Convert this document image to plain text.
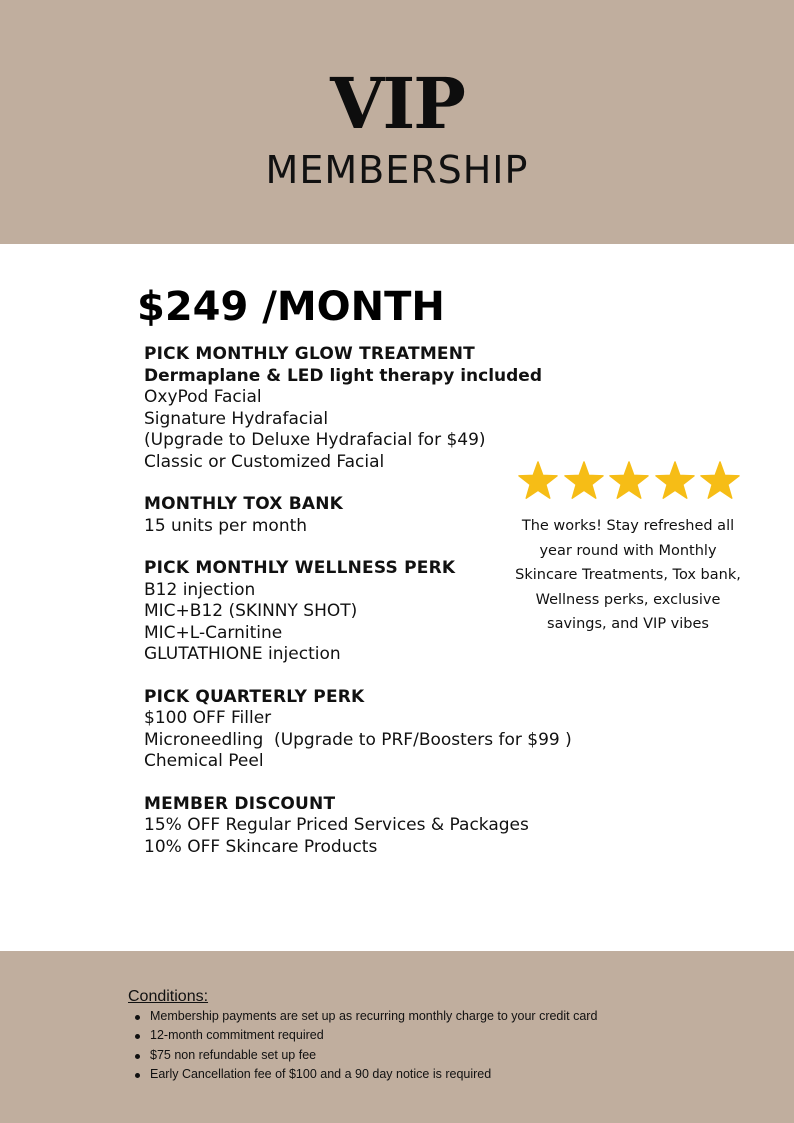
VIP
MEMBERSHIP
$249 /MONTH
PICK MONTHLY GLOW TREATMENT
Dermaplane & LED light therapy included
OxyPod Facial
Signature Hydrafacial
(Upgrade to Deluxe Hydrafacial for $49)
Classic or Customized Facial
MONTHLY TOX BANK
15 units per month
PICK MONTHLY WELLNESS PERK
B12 injection
MIC+B12 (SKINNY SHOT)
MIC+L-Carnitine
GLUTATHIONE injection
PICK QUARTERLY PERK
$100 OFF Filler
Microneedling  (Upgrade to PRF/Boosters for $99 )
Chemical Peel
MEMBER DISCOUNT
15% OFF Regular Priced Services & Packages
10% OFF Skincare Products
The works! Stay refreshed all year round with Monthly Skincare Treatments, Tox bank, Wellness perks, exclusive savings, and VIP vibes
Conditions:
Membership payments are set up as recurring monthly charge to your credit card
12-month commitment required
$75 non refundable set up fee
Early Cancellation fee of $100 and a 90 day notice is required
